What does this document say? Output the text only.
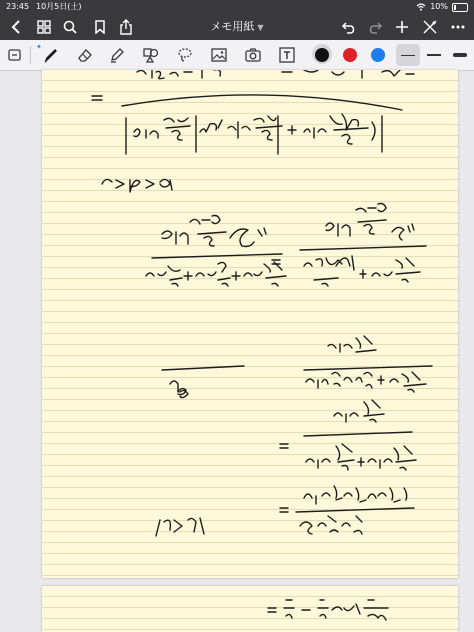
23:45 10月5日(土)	10%
メモ用紙 ▼
✦
